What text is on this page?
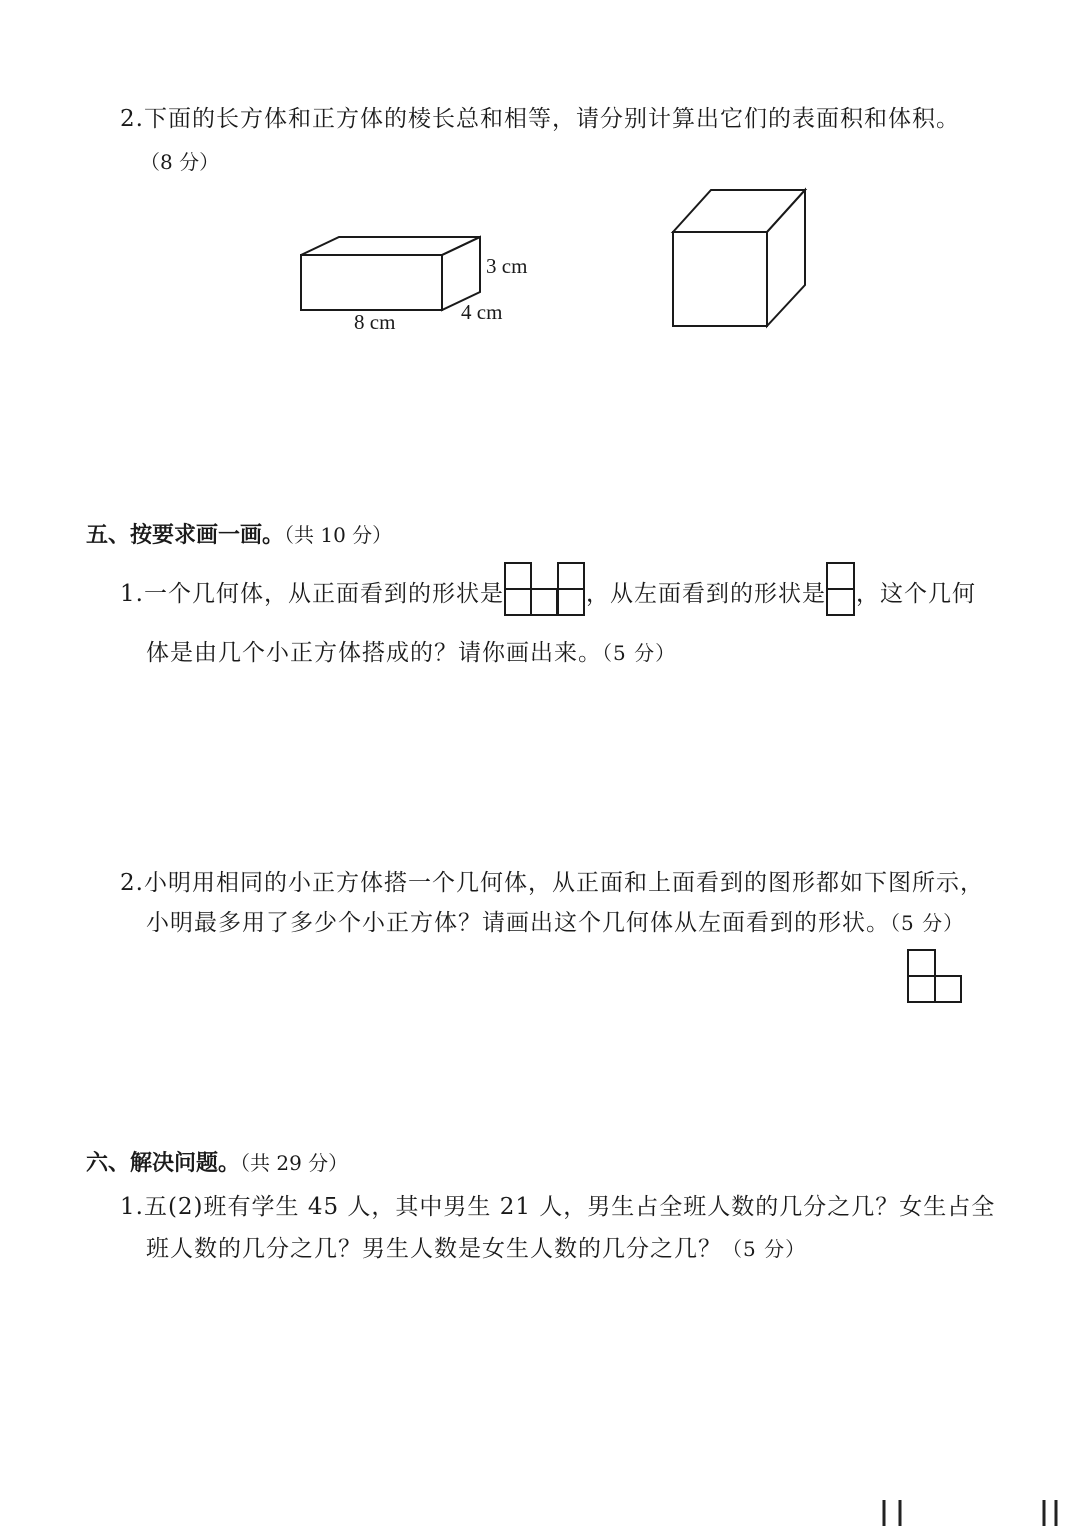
2.下面的长方体和正方体的棱长总和相等，请分别计算出它们的表面积和体积。
（8 分）
3 cm
8 cm	4 cm
五、按要求画一画。（共 10 分）
1.一个几何体，从正面看到的形状是	，从左面看到的形状是 ，这个几何
体是由几个小正方体搭成的？请你画出来。（5 分）
2.小明用相同的小正方体搭一个几何体，从正面和上面看到的图形都如下图所示，
小明最多用了多少个小正方体？请画出这个几何体从左面看到的形状。（5 分）
六、解决问题。（共 29 分）
1.五(2)班有学生 45 人，其中男生 21 人，男生占全班人数的几分之几？女生占全
班人数的几分之几？男生人数是女生人数的几分之几？（5 分）
